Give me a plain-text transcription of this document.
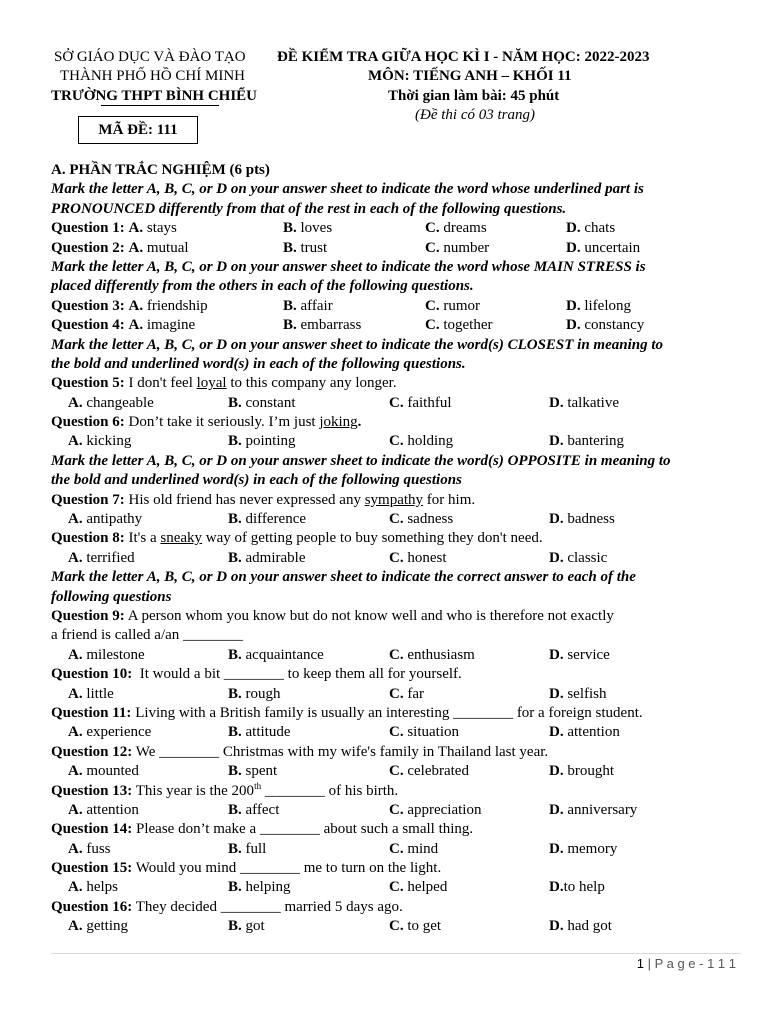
SỞ GIÁO DỤC VÀ ĐÀO TẠO
THÀNH PHỐ HỒ CHÍ MINH
TRƯỜNG THPT BÌNH CHIỂU
MÃ ĐỀ: 111
ĐỀ KIỂM TRA GIỮA HỌC KÌ I - NĂM HỌC: 2022-2023
MÔN: TIẾNG ANH – KHỐI 11
Thời gian làm bài: 45 phút
(Đề thi có 03 trang)
A. PHẦN TRẮC NGHIỆM (6 pts)
Mark the letter A, B, C, or D on your answer sheet to indicate the word whose underlined part is
PRONOUNCED differently from that of the rest in each of the following questions.
Question 1: A. stays	B. loves	C. dreams	D. chats
Question 2: A. mutual	B. trust	C. number	D. uncertain
Mark the letter A, B, C, or D on your answer sheet to indicate the word whose MAIN STRESS is
placed differently from the others in each of the following questions.
Question 3: A. friendship	B. affair	C. rumor	D. lifelong
Question 4: A. imagine	B. embarrass	C. together	D. constancy
Mark the letter A, B, C, or D on your answer sheet to indicate the word(s) CLOSEST in meaning to
the bold and underlined word(s) in each of the following questions.
Question 5: I don't feel loyal to this company any longer.
A. changeable	B. constant	C. faithful	D. talkative
Question 6: Don’t take it seriously. I’m just joking.
A. kicking	B. pointing	C. holding	D. bantering
Mark the letter A, B, C, or D on your answer sheet to indicate the word(s) OPPOSITE in meaning to
the bold and underlined word(s) in each of the following questions
Question 7: His old friend has never expressed any sympathy for him.
A. antipathy	B. difference	C. sadness	D. badness
Question 8: It's a sneaky way of getting people to buy something they don't need.
A. terrified	B. admirable	C. honest	D. classic
Mark the letter A, B, C, or D on your answer sheet to indicate the correct answer to each of the
following questions
Question 9: A person whom you know but do not know well and who is therefore not exactly
a friend is called a/an ________
A. milestone	B. acquaintance	C. enthusiasm	D. service
Question 10: It would a bit ________ to keep them all for yourself.
A. little	B. rough	C. far	D. selfish
Question 11: Living with a British family is usually an interesting ________ for a foreign student.
A. experience	B. attitude	C. situation	D. attention
Question 12: We ________ Christmas with my wife's family in Thailand last year.
A. mounted	B. spent	C. celebrated	D. brought
Question 13: This year is the 200th ________ of his birth.
A. attention	B. affect	C. appreciation	D. anniversary
Question 14: Please don’t make a ________ about such a small thing.
A. fuss	B. full	C. mind	D. memory
Question 15: Would you mind ________ me to turn on the light.
A. helps	B. helping	C. helped	D.to help
Question 16: They decided ________ married 5 days ago.
A. getting	B. got	C. to get	D. had got
1 | P a g e - 1 1 1
